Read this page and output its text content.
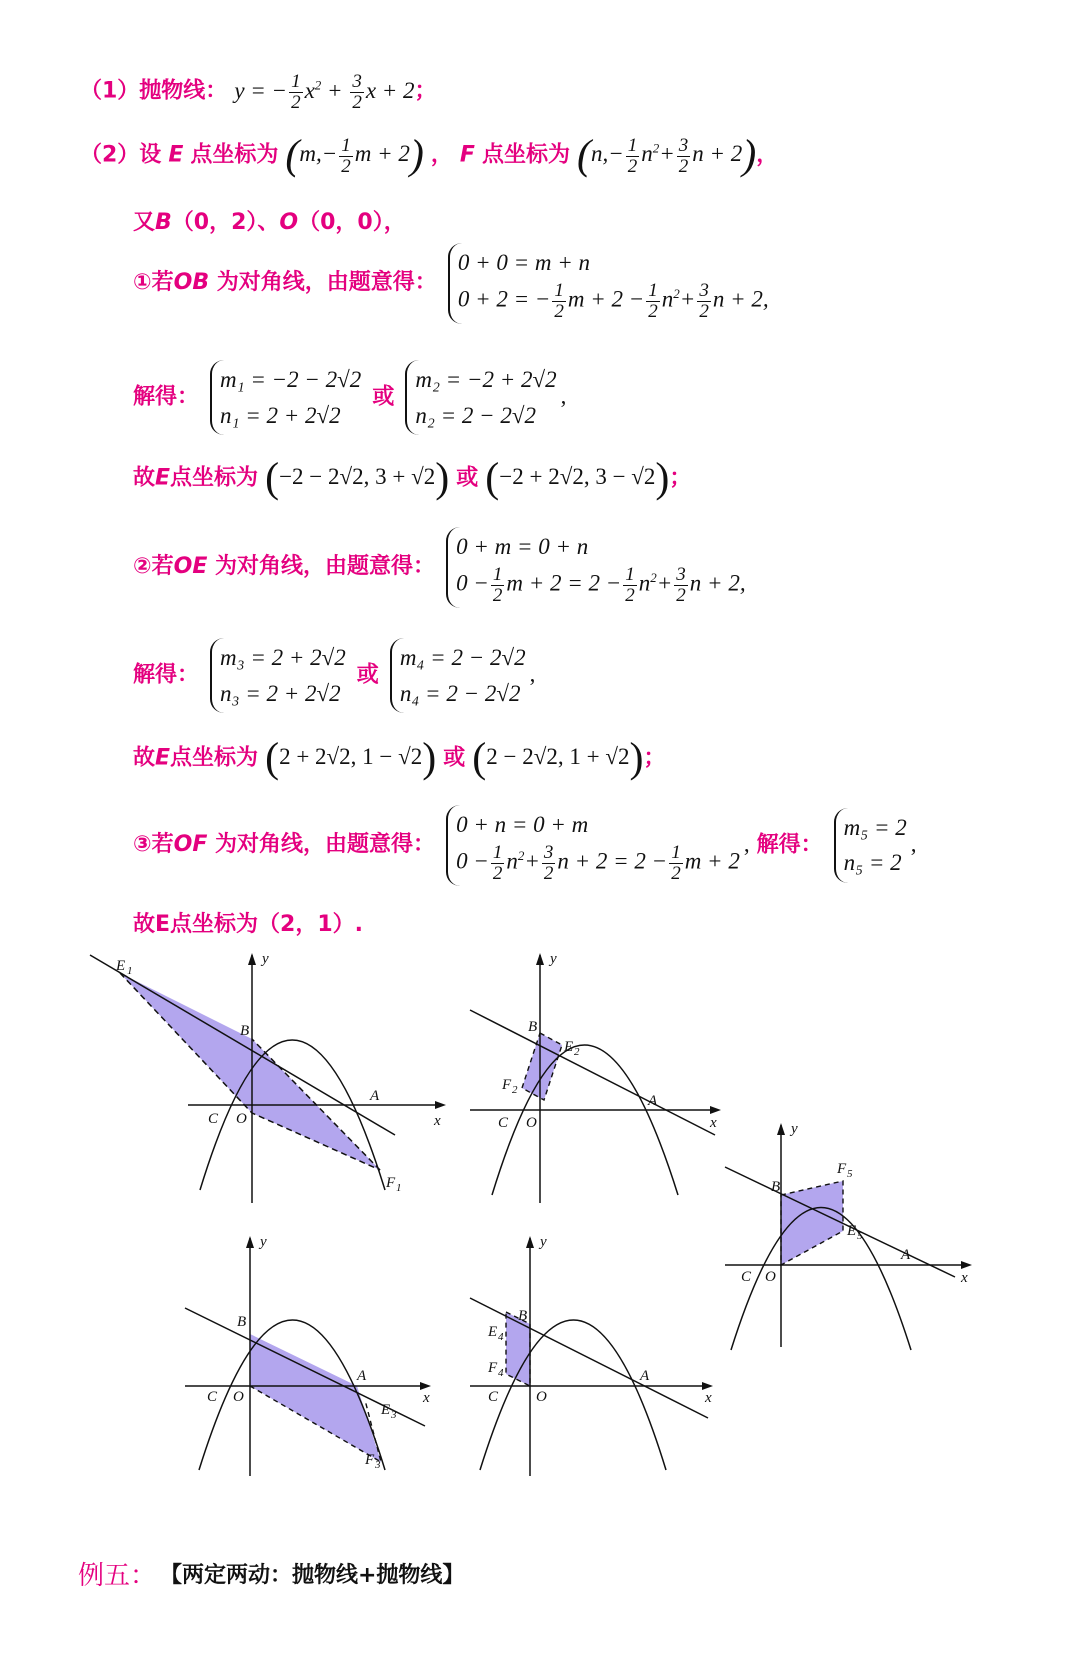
（1）抛物线： y = − $\frac{1}{2} x^2 + \frac{3}{2}$ x + 2；
（2）设 E 点坐标为 ($m,- \frac{1}{2}$ m + 2) ， F 点坐标为 ($n,- \frac{1}{2} n^2+ \frac{3}{2}$ n + 2)，
又B（0，2）、O（0，0），
①若OB 为对角线，由题意得：
0 + 0 = m + n
0 + 2 = − $\frac{1}{2}$ $m + 2 - \frac{1}{2} n^2+ \frac{3}{2}$ n + 2,
解得：
m₁ = −2 − 2√2
n₁ = 2 + 2√2
或
m₂ = −2 + 2√2
n₂ = 2 − 2√2
,
故E点坐标为 (−2 − 2√2, 3 + √2) 或 (−2 + 2√2, 3 − √2)；
②若OE 为对角线，由题意得：
0 + m = 0 + n
$0 - \frac{1}{2}$ $m + 2 = 2 - \frac{1}{2} n^2+ \frac{3}{2}$ n + 2,
解得：
m₃ = 2 + 2√2
n₃ = 2 + 2√2
或
m₄ = 2 − 2√2
n₄ = 2 − 2√2
,
故E点坐标为 (2 + 2√2, 1 − √2) 或 (2 − 2√2, 1 + √2)；
③若OF 为对角线，由题意得：
0 + n = 0 + m
$0 - \frac{1}{2} n^2+ \frac{3}{2}$ $n + 2 = 2 - \frac{1}{2}$ m + 2
, 解得：
m₅ = 2
n₅ = 2
,
故E点坐标为（2，1）.
y
x
B
A
C O
E 1
F 1
y
x
B
A
C O
E 2
F 2
y
x
B
A
C O
F 5
E 5
y
x
B
A
C O
E 3
F 3
y
x
B
A
C	O
E 4
F 4
例五： 【两定两动：抛物线+抛物线】
